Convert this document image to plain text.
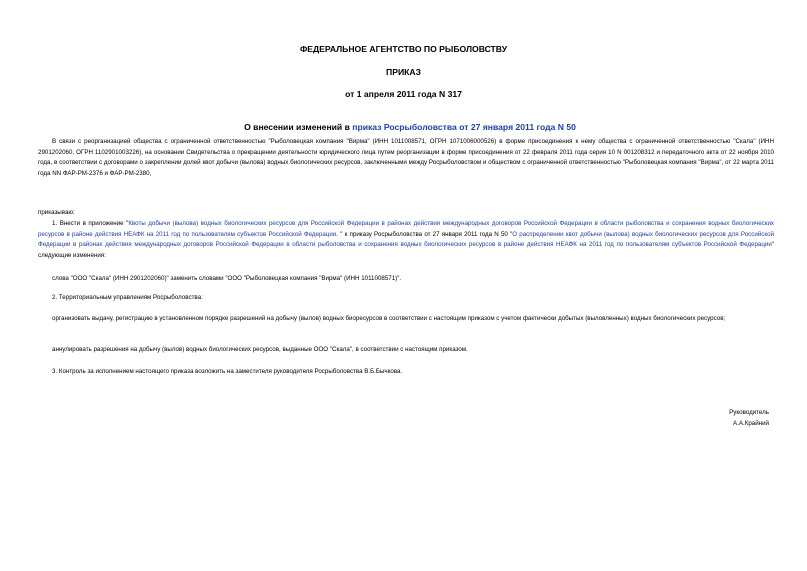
ФЕДЕРАЛЬНОЕ АГЕНТСТВО ПО РЫБОЛОВСТВУ
ПРИКАЗ
от 1 апреля 2011 года N 317
О внесении изменений в приказ Росрыболовства от 27 января 2011 года N 50

В связи с реорганизацией общества с ограниченной ответственностью "Рыболовецкая компания "Вирма" (ИНН 1011008571, ОГРН 1071006000526) в форме присоединения к нему общества с ограниченной ответственностью "Скала" (ИНН 2901202060, ОГРН 1102901003226), на основании Свидетельства о прекращении деятельности юридического лица путем реорганизации в форме присоединения от 22 февраля 2011 года серия 10 N 001208312 и передаточного акта от 22 ноября 2010 года, в соответствии с договорами о закреплении долей квот добычи (вылова) водных биологических ресурсов, заключенными между Росрыболовством и обществом с ограниченной ответственностью "Рыболовецкая компания "Вирма", от 22 марта 2011 года NN ФАР-РМ-2376 и ФАР-РМ-2380,

приказываю:

1. Внести в приложение "Квоты добычи (вылова) водных биологических ресурсов для Российской Федерации в районах действия международных договоров Российской Федерации в области рыболовства и сохранения водных биологических ресурсов в районе действия НЕАФК на 2011 год по пользователям субъектов Российской Федерации. " к приказу Росрыболовства от 27 января 2011 года N 50 "О распределении квот добычи (вылова) водных биологических ресурсов для Российской Федерации в районах действия международных договоров Российской Федерации в области рыболовства и сохранения водных биологических ресурсов в районе действия НЕАФК на 2011 год по пользователям субъектов Российской Федерации" следующие изменения:

слова "ООО "Скала" (ИНН 2901202060)" заменить словами "ООО "Рыболовецкая компания "Вирма" (ИНН 1011008571)".

2. Территориальным управлениям Росрыболовства:

организовать выдачу, регистрацию в установленном порядке разрешений на добычу (вылов) водных биоресурсов в соответствии с настоящим приказом с учетом фактически добытых (выловленных) водных биологических ресурсов;

аннулировать разрешения на добычу (вылов) водных биологических ресурсов, выданные ООО "Скала", в соответствии с настоящим приказом.

3. Контроль за исполнением настоящего приказа возложить на заместителя руководителя Росрыболовства В.Б.Бычкова.

Руководитель
А.А.Крайний
